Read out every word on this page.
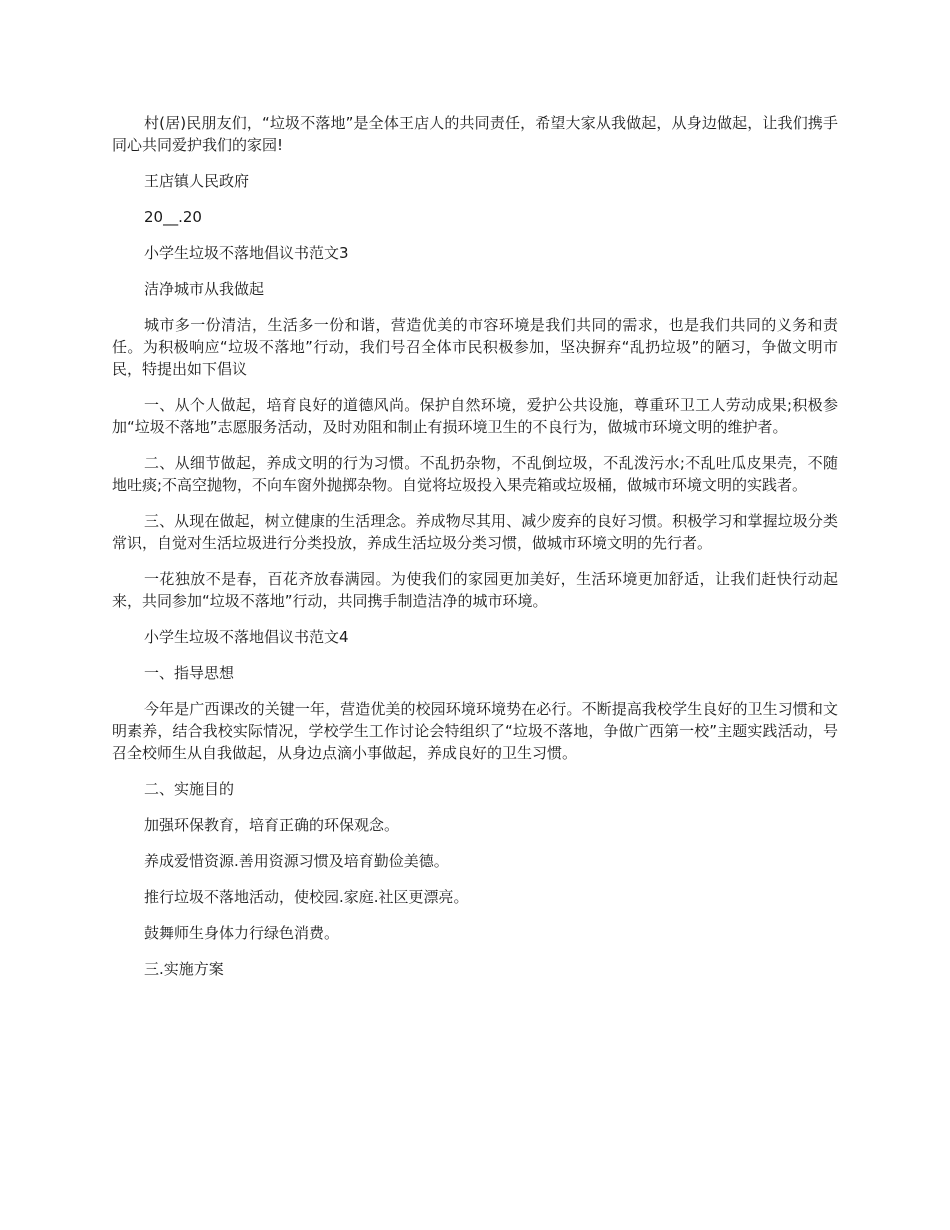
村(居)民朋友们，“垃圾不落地”是全体王店人的共同责任，希望大家从我做起，从身边做起，让我们携手同心共同爱护我们的家园!

王店镇人民政府

20__.20

小学生垃圾不落地倡议书范文3

洁净城市从我做起

城市多一份清洁，生活多一份和谐，营造优美的市容环境是我们共同的需求，也是我们共同的义务和责任。为积极响应“垃圾不落地”行动，我们号召全体市民积极参加，坚决摒弃“乱扔垃圾”的陋习，争做文明市民，特提出如下倡议

一、从个人做起，培育良好的道德风尚。保护自然环境，爱护公共设施，尊重环卫工人劳动成果;积极参加“垃圾不落地”志愿服务活动，及时劝阻和制止有损环境卫生的不良行为，做城市环境文明的维护者。

二、从细节做起，养成文明的行为习惯。不乱扔杂物，不乱倒垃圾，不乱泼污水;不乱吐瓜皮果壳，不随地吐痰;不高空抛物，不向车窗外抛掷杂物。自觉将垃圾投入果壳箱或垃圾桶，做城市环境文明的实践者。

三、从现在做起，树立健康的生活理念。养成物尽其用、减少废弃的良好习惯。积极学习和掌握垃圾分类常识，自觉对生活垃圾进行分类投放，养成生活垃圾分类习惯，做城市环境文明的先行者。

一花独放不是春，百花齐放春满园。为使我们的家园更加美好，生活环境更加舒适，让我们赶快行动起来，共同参加“垃圾不落地”行动，共同携手制造洁净的城市环境。

小学生垃圾不落地倡议书范文4

一、指导思想

今年是广西课改的关键一年，营造优美的校园环境环境势在必行。不断提高我校学生良好的卫生习惯和文明素养，结合我校实际情况，学校学生工作讨论会特组织了“垃圾不落地，争做广西第一校”主题实践活动，号召全校师生从自我做起，从身边点滴小事做起，养成良好的卫生习惯。

二、实施目的

加强环保教育，培育正确的环保观念。

养成爱惜资源.善用资源习惯及培育勤俭美德。

推行垃圾不落地活动，使校园.家庭.社区更漂亮。

鼓舞师生身体力行绿色消费。

三.实施方案
